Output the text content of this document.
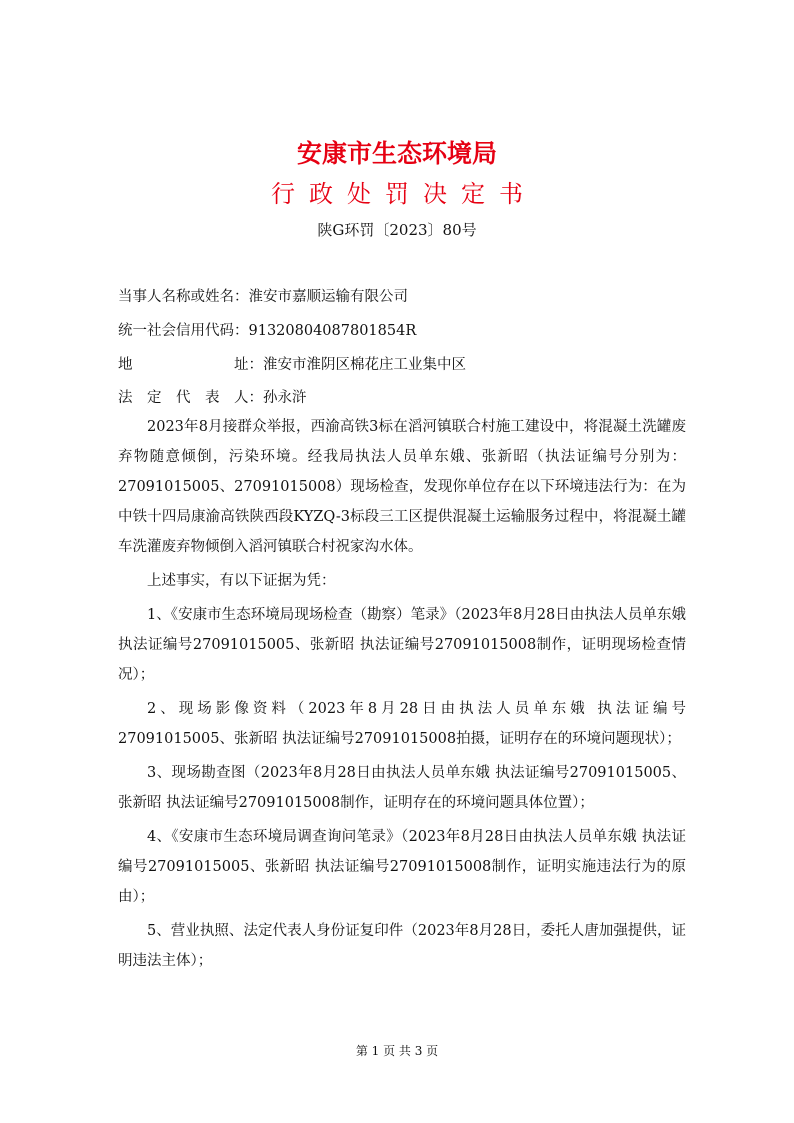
安康市生态环境局
行政处罚决定书
陕G环罚〔2023〕80号
当事人名称或姓名：淮安市嘉顺运输有限公司
统一社会信用代码：91320804087801854R
地	址：淮安市淮阴区棉花庄工业集中区
法　定　代　表　人：孙永浒

2023年8月接群众举报，西渝高铁3标在滔河镇联合村施工建设中，将混凝土洗罐废弃物随意倾倒，污染环境。经我局执法人员单东娥、张新昭（执法证编号分别为：27091015005、27091015008）现场检查，发现你单位存在以下环境违法行为：在为中铁十四局康渝高铁陕西段KYZQ-3标段三工区提供混凝土运输服务过程中，将混凝土罐车洗灌废弃物倾倒入滔河镇联合村祝家沟水体。

上述事实，有以下证据为凭：

1、《安康市生态环境局现场检查（勘察）笔录》（2023年8月28日由执法人员单东娥 执法证编号27091015005、张新昭 执法证编号27091015008制作，证明现场检查情况）；

2、现场影像资料（2023年8月28日由执法人员单东娥 执法证编号27091015005、张新昭 执法证编号27091015008拍摄，证明存在的环境问题现状）；

3、现场勘查图（2023年8月28日由执法人员单东娥 执法证编号27091015005、张新昭 执法证编号27091015008制作，证明存在的环境问题具体位置）；

4、《安康市生态环境局调查询问笔录》（2023年8月28日由执法人员单东娥 执法证编号27091015005、张新昭 执法证编号27091015008制作，证明实施违法行为的原由）；

5、营业执照、法定代表人身份证复印件（2023年8月28日，委托人唐加强提供，证明违法主体）；

第 1 页 共 3 页
